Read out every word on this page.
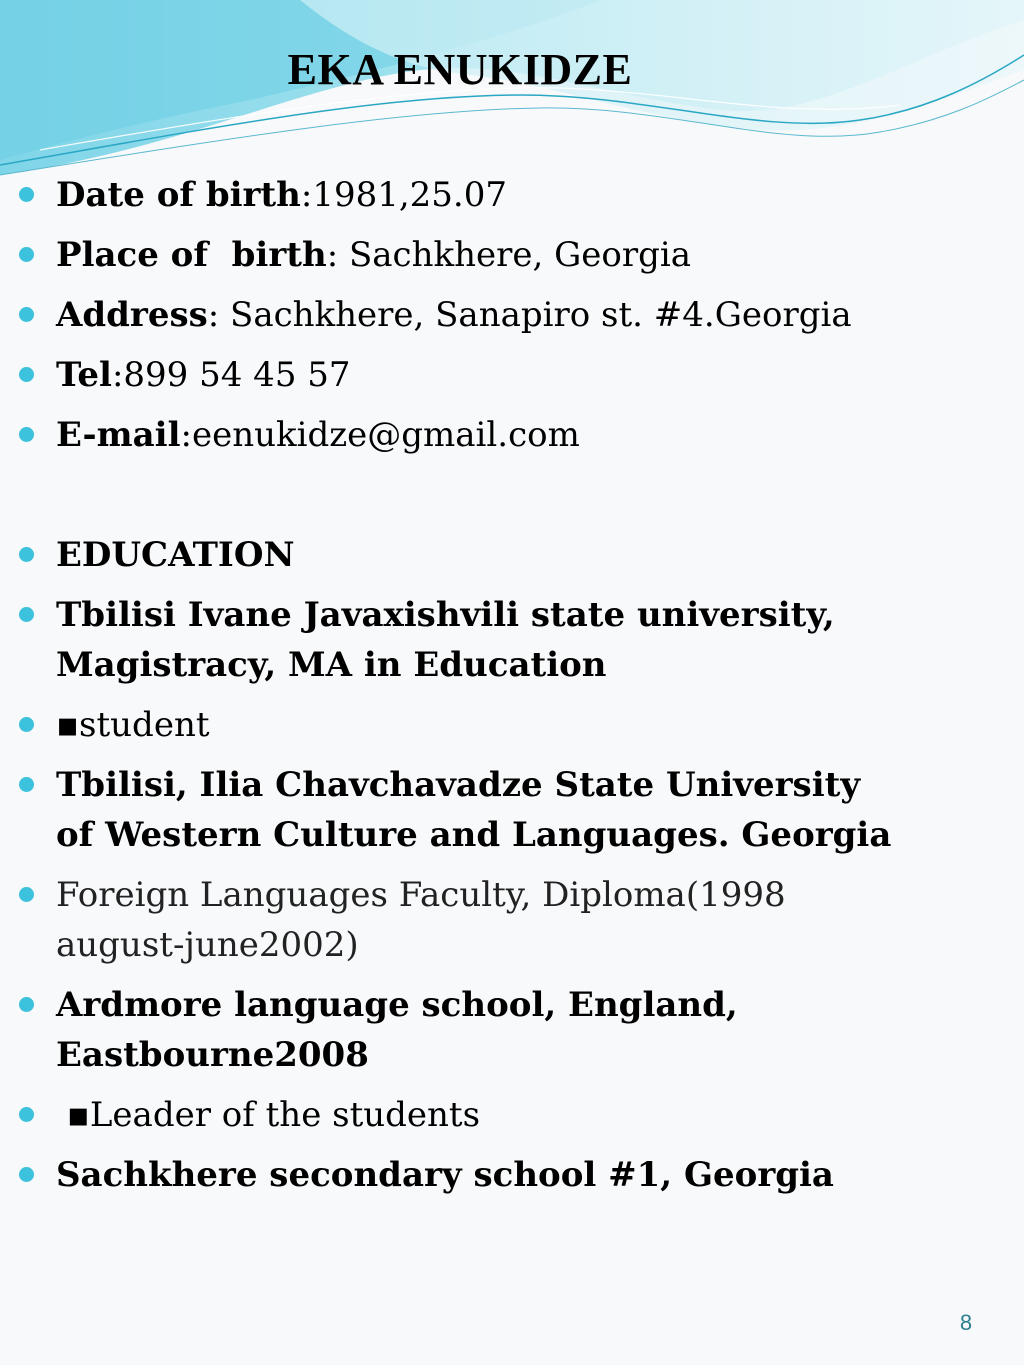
EKA ENUKIDZE
Date of birth:1981,25.07
Place of  birth: Sachkhere, Georgia
Address: Sachkhere, Sanapiro st. #4.Georgia
Tel:899 54 45 57
E-mail:eenukidze@gmail.com
EDUCATION
Tbilisi Ivane Javaxishvili state university,
Magistracy, MA in Education
▪student
Tbilisi, Ilia Chavchavadze State University
of Western Culture and Languages. Georgia
Foreign Languages Faculty, Diploma(1998
august-june2002)
Ardmore language school, England,
Eastbourne2008
▪Leader of the students
Sachkhere secondary school #1, Georgia
8
